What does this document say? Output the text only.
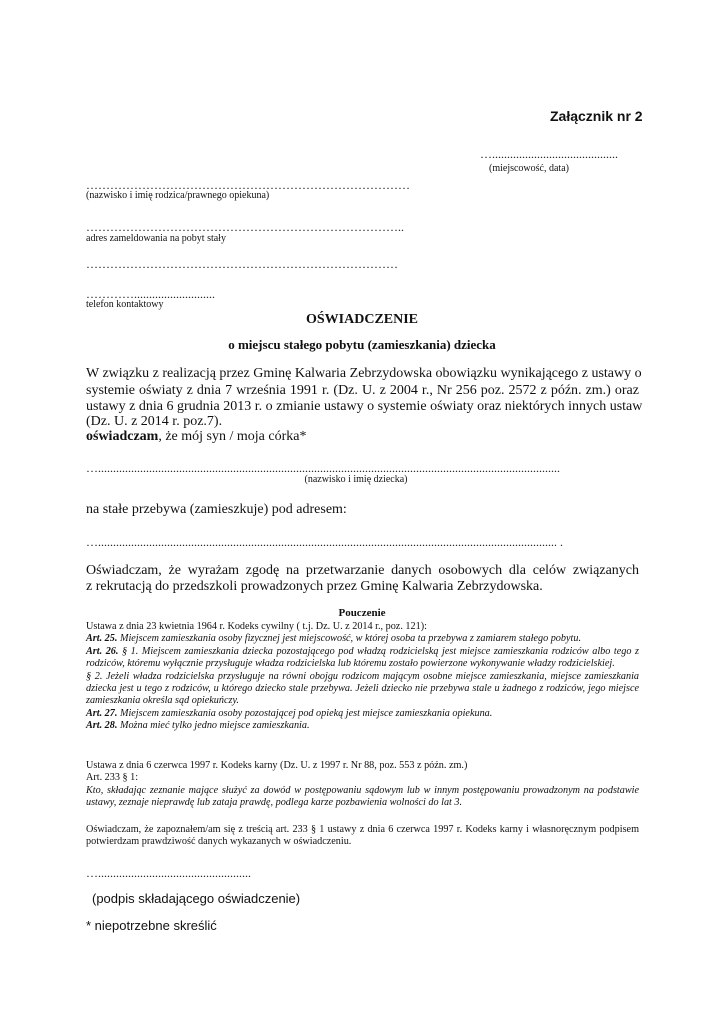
Załącznik nr 2
…..........................................
(miejscowość, data)
………………………………………………………………………
(nazwisko i imię rodzica/prawnego opiekuna)
……………………………………………………………………..
adres zameldowania na pobyt stały
……………………………………………………………………
…………...........................
telefon kontaktowy
OŚWIADCZENIE
o miejscu stałego pobytu (zamieszkania) dziecka
W związku z realizacją przez Gminę Kalwaria Zebrzydowska obowiązku wynikającego z ustawy o
systemie oświaty z dnia 7 września 1991 r. (Dz. U. z 2004 r., Nr 256 poz. 2572 z późn. zm.) oraz
ustawy z dnia 6 grudnia 2013 r. o zmianie ustawy o systemie oświaty oraz niektórych innych ustaw
(Dz. U. z 2014 r. poz.7).
oświadczam, że mój syn / moja córka*
…..........................................................................................................................................................
(nazwisko i imię dziecka)
na stałe przebywa (zamieszkuje) pod adresem:
…......................................................................................................................................................... .
Oświadczam, że wyrażam zgodę na przetwarzanie danych osobowych dla celów związanych
z rekrutacją do przedszkoli prowadzonych przez Gminę Kalwaria Zebrzydowska.
Pouczenie

Ustawa z dnia 23 kwietnia 1964 r. Kodeks cywilny ( t.j. Dz. U. z 2014 r., poz. 121):

Art. 25. Miejscem zamieszkania osoby fizycznej jest miejscowość, w której osoba ta przebywa z zamiarem stałego pobytu.

Art. 26. § 1. Miejscem zamieszkania dziecka pozostającego pod władzą rodzicielską jest miejsce zamieszkania rodziców albo tego z rodziców, któremu wyłącznie przysługuje władza rodzicielska lub któremu zostało powierzone wykonywanie władzy rodzicielskiej.

§ 2. Jeżeli władza rodzicielska przysługuje na równi obojgu rodzicom mającym osobne miejsce zamieszkania, miejsce zamieszkania dziecka jest u tego z rodziców, u którego dziecko stale przebywa. Jeżeli dziecko nie przebywa stale u żadnego z rodziców, jego miejsce zamieszkania określa sąd opiekuńczy.

Art. 27. Miejscem zamieszkania osoby pozostającej pod opieką jest miejsce zamieszkania opiekuna.

Art. 28. Można mieć tylko jedno miejsce zamieszkania.

Ustawa z dnia 6 czerwca 1997 r. Kodeks karny (Dz. U. z 1997 r. Nr 88, poz. 553 z późn. zm.)

Art. 233 § 1:

Kto, składając zeznanie mające służyć za dowód w postępowaniu sądowym lub w innym postępowaniu prowadzonym na podstawie ustawy, zeznaje nieprawdę lub zataja prawdę, podlega karze pozbawienia wolności do lat 3.

Oświadczam, że zapoznałem/am się z treścią art. 233 § 1 ustawy z dnia 6 czerwca 1997 r. Kodeks karny i własnoręcznym podpisem potwierdzam prawdziwość danych wykazanych w oświadczeniu.
…...................................................
(podpis składającego oświadczenie)
* niepotrzebne skreślić
